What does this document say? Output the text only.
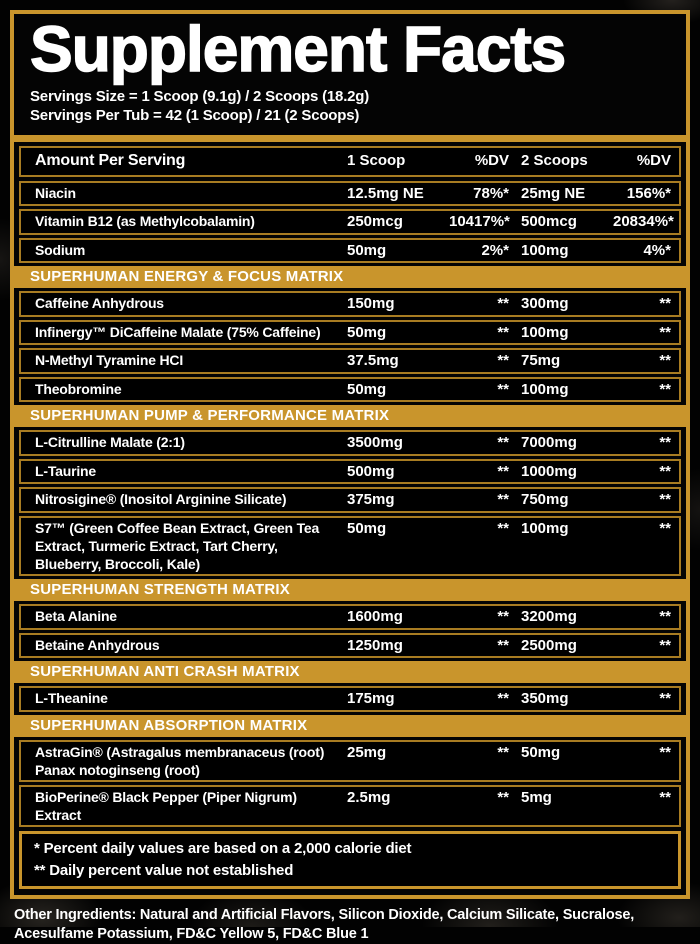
Supplement Facts
Servings Size = 1 Scoop (9.1g) / 2 Scoops (18.2g)
Servings Per Tub = 42 (1 Scoop) / 21 (2 Scoops)
Amount Per Serving	1 Scoop	%DV 2 Scoops	%DV
Niacin	12.5mg NE	78%* 25mg NE	156%*
Vitamin B12 (as Methylcobalamin)	250mcg	10417%* 500mcg	20834%*
Sodium	50mg	2%* 100mg	4%*
SUPERHUMAN ENERGY & FOCUS MATRIX
Caffeine Anhydrous	150mg	** 300mg	**
Infinergy™ DiCaffeine Malate (75% Caffeine)	50mg	** 100mg	**
N-Methyl Tyramine HCI	37.5mg	** 75mg	**
Theobromine	50mg	** 100mg	**
SUPERHUMAN PUMP & PERFORMANCE MATRIX
L-Citrulline Malate (2:1)	3500mg	** 7000mg	**
L-Taurine	500mg	** 1000mg	**
Nitrosigine® (Inositol Arginine Silicate)	375mg	** 750mg	**
S7™ (Green Coffee Bean Extract, Green Tea Extract, Turmeric Extract, Tart Cherry, Blueberry, Broccoli, Kale)
50mg	** 100mg	**
SUPERHUMAN STRENGTH MATRIX
Beta Alanine	1600mg	** 3200mg	**
Betaine Anhydrous	1250mg	** 2500mg	**
SUPERHUMAN ANTI CRASH MATRIX
L-Theanine	175mg	** 350mg	**
SUPERHUMAN ABSORPTION MATRIX
AstraGin® (Astragalus membranaceus (root) Panax notoginseng (root)
25mg	** 50mg	**
BioPerine® Black Pepper (Piper Nigrum) Extract
2.5mg	** 5mg	**
* Percent daily values are based on a 2,000 calorie diet
** Daily percent value not established
Other Ingredients: Natural and Artificial Flavors, Silicon Dioxide, Calcium Silicate, Sucralose, Acesulfame Potassium, FD&C Yellow 5, FD&C Blue 1
